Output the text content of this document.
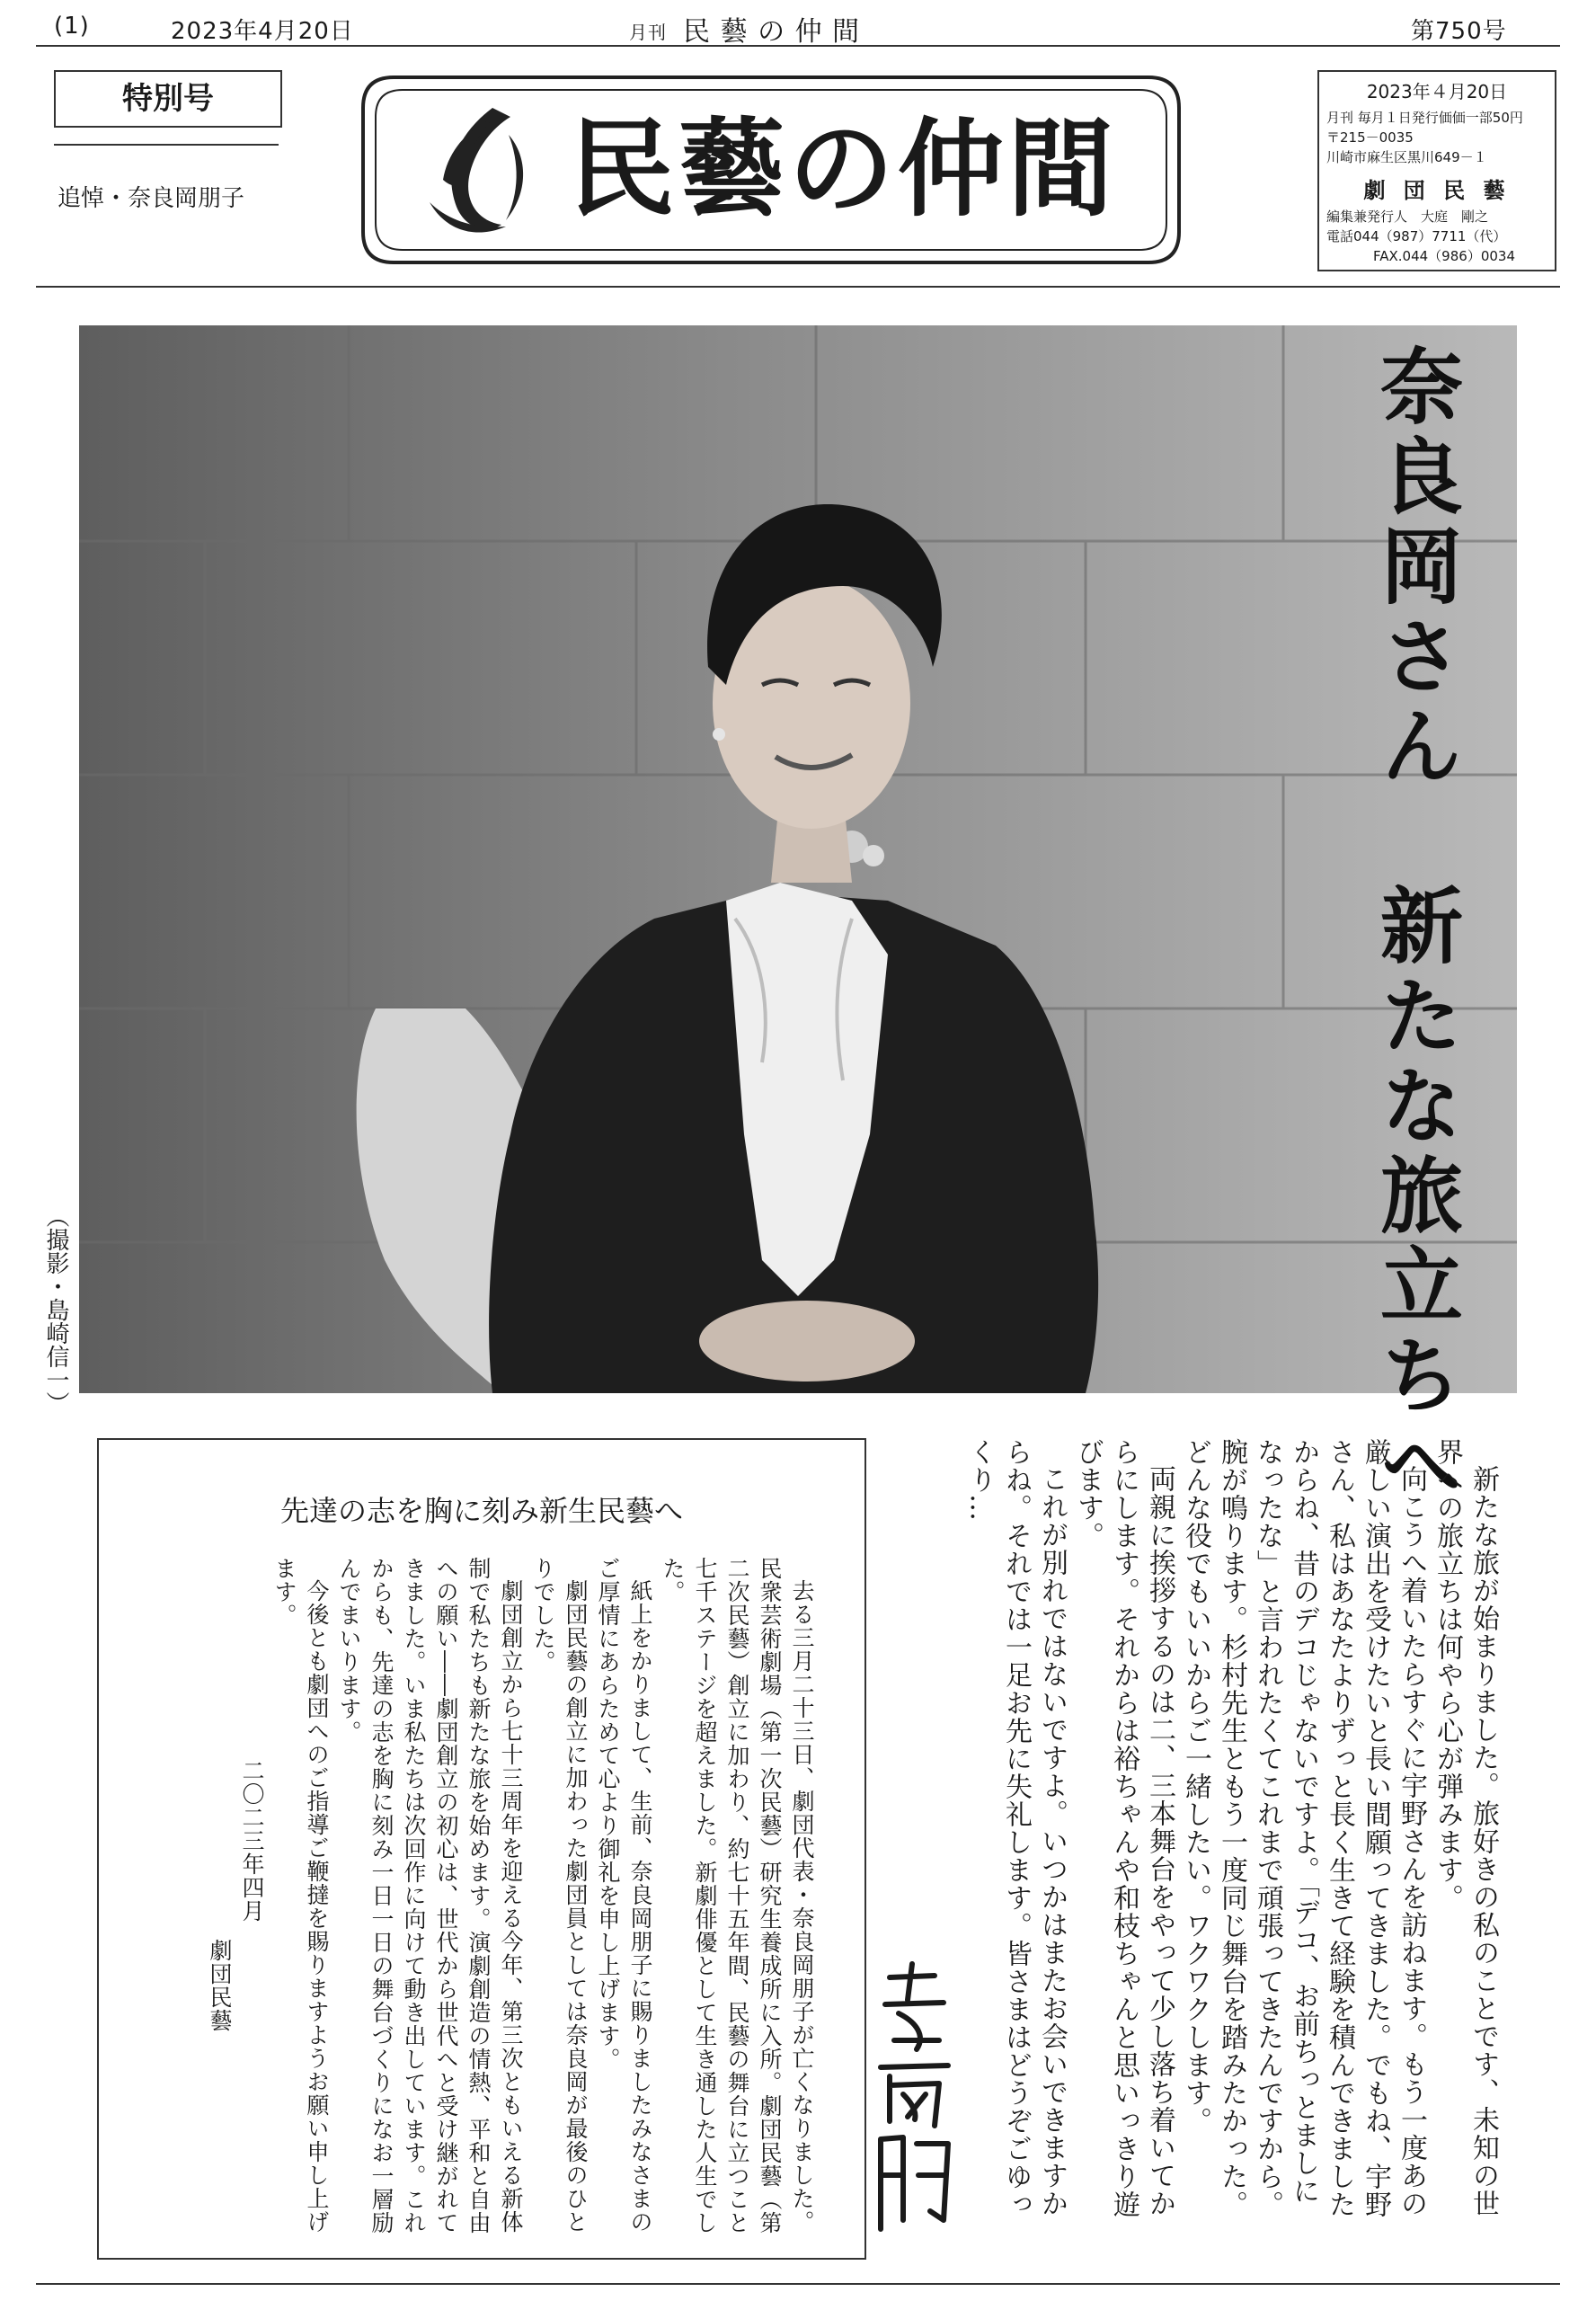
(1)	2023年4月20日	月刊 民 藝 の 仲 間	第750号
特別号
追悼・奈良岡朋子	民藝の仲間
2023年４月20日
月刊 毎月１日発行価価一部50円
〒215－0035
川崎市麻生区黒川649－１
劇 団 民 藝
編集兼発行人　大庭　剛之
電話044（987）7711（代）
FAX.044（986）0034
（撮影・島崎信一）	奈良岡さん　新たな旅立ちへ
先達の志を胸に刻み新生民藝へ

去る三月二十三日、劇団代表・奈良岡朋子が亡くなりました。民衆芸術劇場（第一次民藝）研究生養成所に入所。劇団民藝（第二次民藝）創立に加わり、約七十五年間、民藝の舞台に立つこと七千ステージを超えました。新劇俳優として生き通した人生でした。

紙上をかりまして、生前、奈良岡朋子に賜りましたみなさまのご厚情にあらためて心より御礼を申し上げます。

劇団民藝の創立に加わった劇団員としては奈良岡が最後のひとりでした。

劇団創立から七十三周年を迎える今年、第三次ともいえる新体制で私たちも新たな旅を始めます。演劇創造の情熱、平和と自由への願い――劇団創立の初心は、世代から世代へと受け継がれてきました。いま私たちは次回作に向けて動き出しています。これからも、先達の志を胸に刻み一日一日の舞台づくりになお一層励んでまいります。

今後とも劇団へのご指導ご鞭撻を賜りますようお願い申し上げます。

二〇二三年四月

劇団民藝	新たな旅が始まりました。旅好きの私のことです、未知の世界への旅立ちは何やら心が弾みます。

向こうへ着いたらすぐに宇野さんを訪ねます。もう一度あの厳しい演出を受けたいと長い間願ってきました。でもね、宇野さん、私はあなたよりずっと長く生きて経験を積んできましたからね、昔のデコじゃないですよ。「デコ、お前ちっとましになったな」と言われたくてこれまで頑張ってきたんですから。腕が鳴ります。杉村先生ともう一度同じ舞台を踏みたかった。どんな役でもいいからご一緒したい。ワクワクします。

両親に挨拶するのは二、三本舞台をやって少し落ち着いてからにします。それからは裕ちゃんや和枝ちゃんと思いっきり遊びます。

これが別れではないですよ。いつかはまたお会いできますからね。それでは一足お先に失礼します。皆さまはどうぞごゆっくり…
